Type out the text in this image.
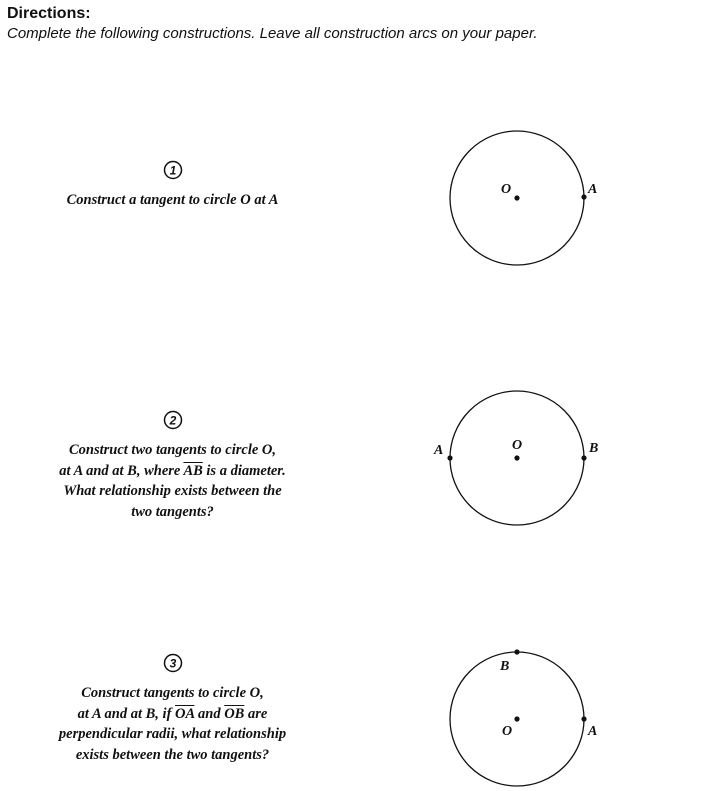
Directions:
Complete the following constructions. Leave all construction arcs on your paper.
1
Construct a tangent to circle O at A
2
Construct two tangents to circle O,
at A and at B, where $\overline{AB}$ is a diameter.
What relationship exists between the
two tangents?
3
Construct tangents to circle O,
at A and at B, if $\overline{OA}$ and $\overline{OB}$ are
perpendicular radii, what relationship
exists between the two tangents?
O	A
O
A	B
O
B
A
